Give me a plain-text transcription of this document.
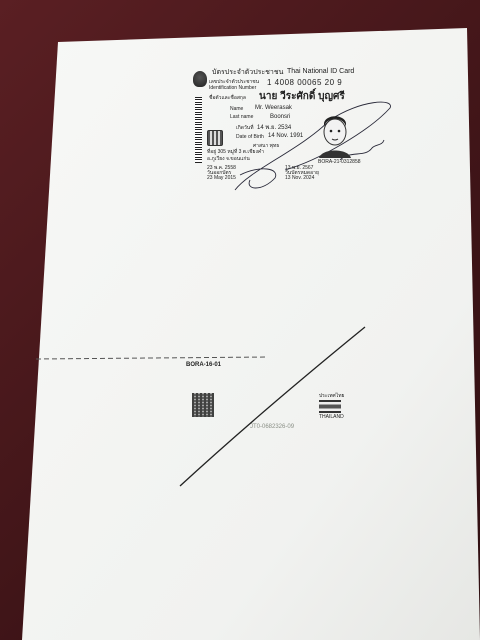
บัตรประจำตัวประชาชน Thai National ID Card
เลขประจำตัวประชาชน
Identification Number
1 4008 00065 20 9
ชื่อตัวและชื่อสกุล นาย วีระศักดิ์ บุญศรี
Name Mr. Weerasak
Last name	Boonsri
เกิดวันที่ 14 พ.ย. 2534
Date of Birth 14 Nov. 1991
ศาสนา พุทธ
ที่อยู่ 305 หมู่ที่ 3 ต.เชียงคำ
อ.ภูเวียง จ.ขอนแก่น
23 พ.ค. 2558
วันออกบัตร
23 May 2015
13 พ.ย. 2567
วันบัตรหมดอายุ
13 Nov. 2024
BORA-21-0312858
BORA-16-01
JT0-0682326-09
ประเทศไทย
THAILAND
